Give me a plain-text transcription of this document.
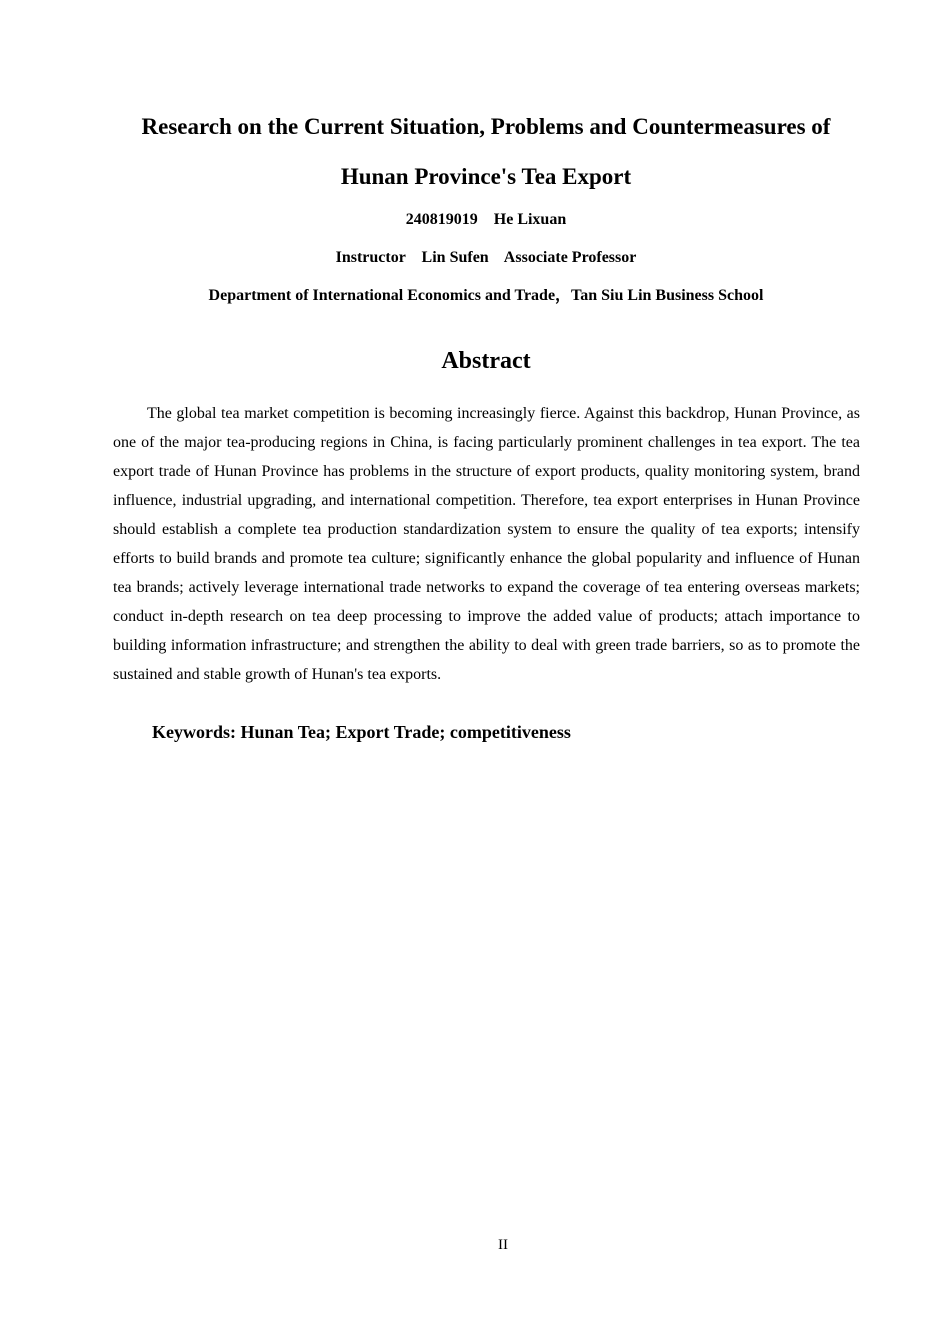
Research on the Current Situation, Problems and Countermeasures of
Hunan Province's Tea Export
240819019    He Lixuan
Instructor    Lin Sufen    Associate Professor
Department of International Economics and Trade，Tan Siu Lin Business School
Abstract

The global tea market competition is becoming increasingly fierce. Against this backdrop, Hunan Province, as one of the major tea-producing regions in China, is facing particularly prominent challenges in tea export. The tea export trade of Hunan Province has problems in the structure of export products, quality monitoring system, brand influence, industrial upgrading, and international competition. Therefore, tea export enterprises in Hunan Province should establish a complete tea production standardization system to ensure the quality of tea exports; intensify efforts to build brands and promote tea culture; significantly enhance the global popularity and influence of Hunan tea brands; actively leverage international trade networks to expand the coverage of tea entering overseas markets; conduct in-depth research on tea deep processing to improve the added value of products; attach importance to building information infrastructure; and strengthen the ability to deal with green trade barriers, so as to promote the sustained and stable growth of Hunan's tea exports.

Keywords: Hunan Tea; Export Trade; competitiveness
II
